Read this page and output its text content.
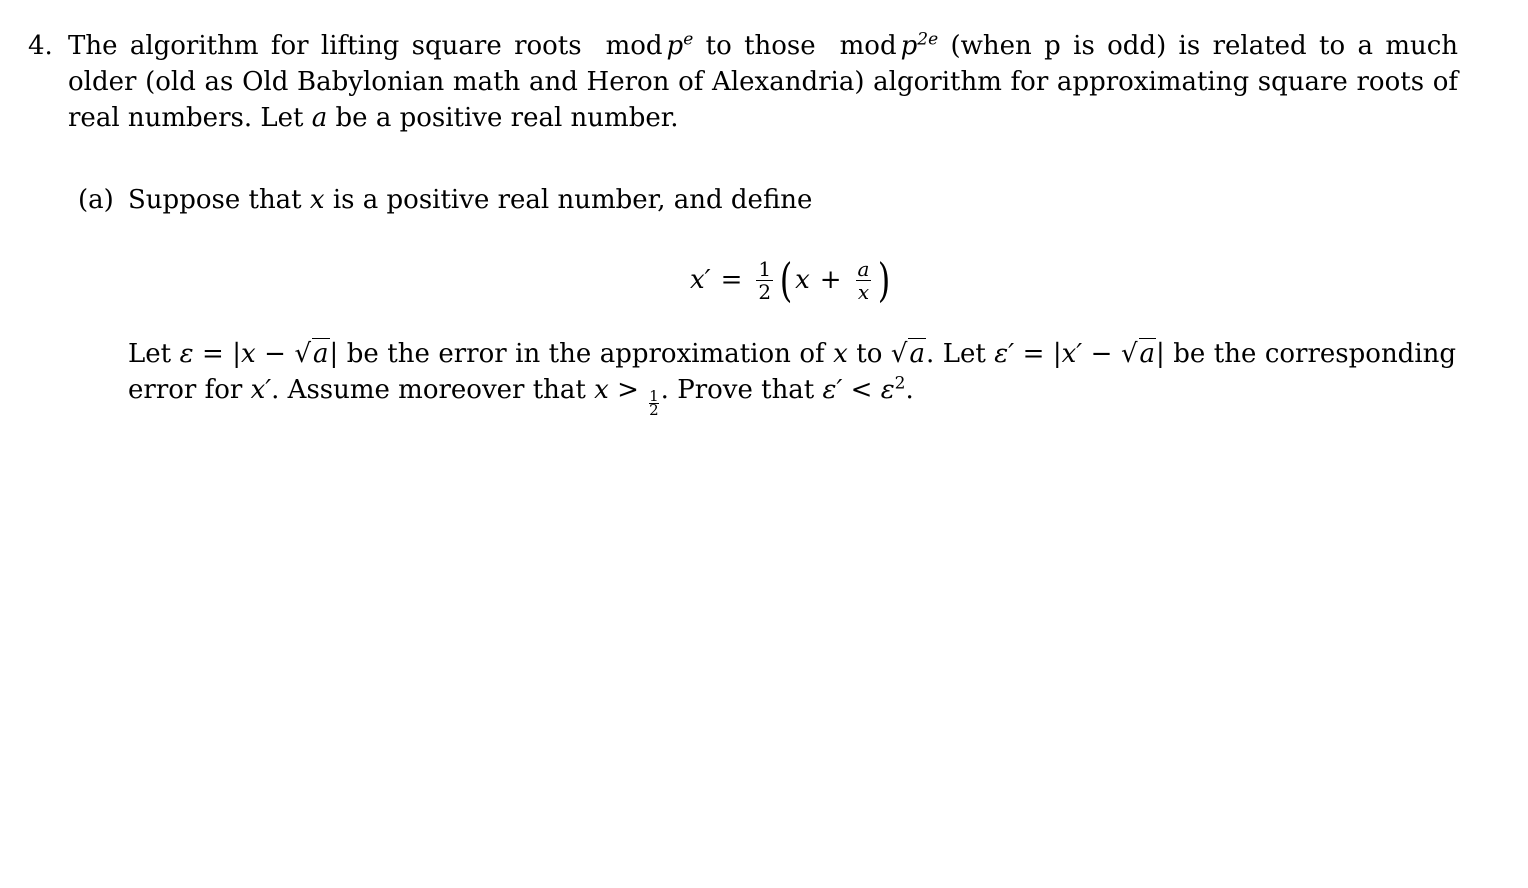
4. The algorithm for lifting square roots mod $p^e$ to those mod $p^{2e}$ (when p is odd) is related to a much older (old as Old Babylonian math and Heron of Alexandria) algorithm for approximating square roots of real numbers. Let a be a positive real number.
(a) Suppose that x is a positive real number, and define
$x' = \frac{1}{2}$ ( $x + \frac{a}{x}$ )
Let ε = |x − √a| be the error in the approximation of x to √a. Let ε′ = |x′ − √a| be the corresponding error for x′. Assume moreover that $x > \frac{1}{2}$ . Prove that $\varepsilon' < \varepsilon^2$.
